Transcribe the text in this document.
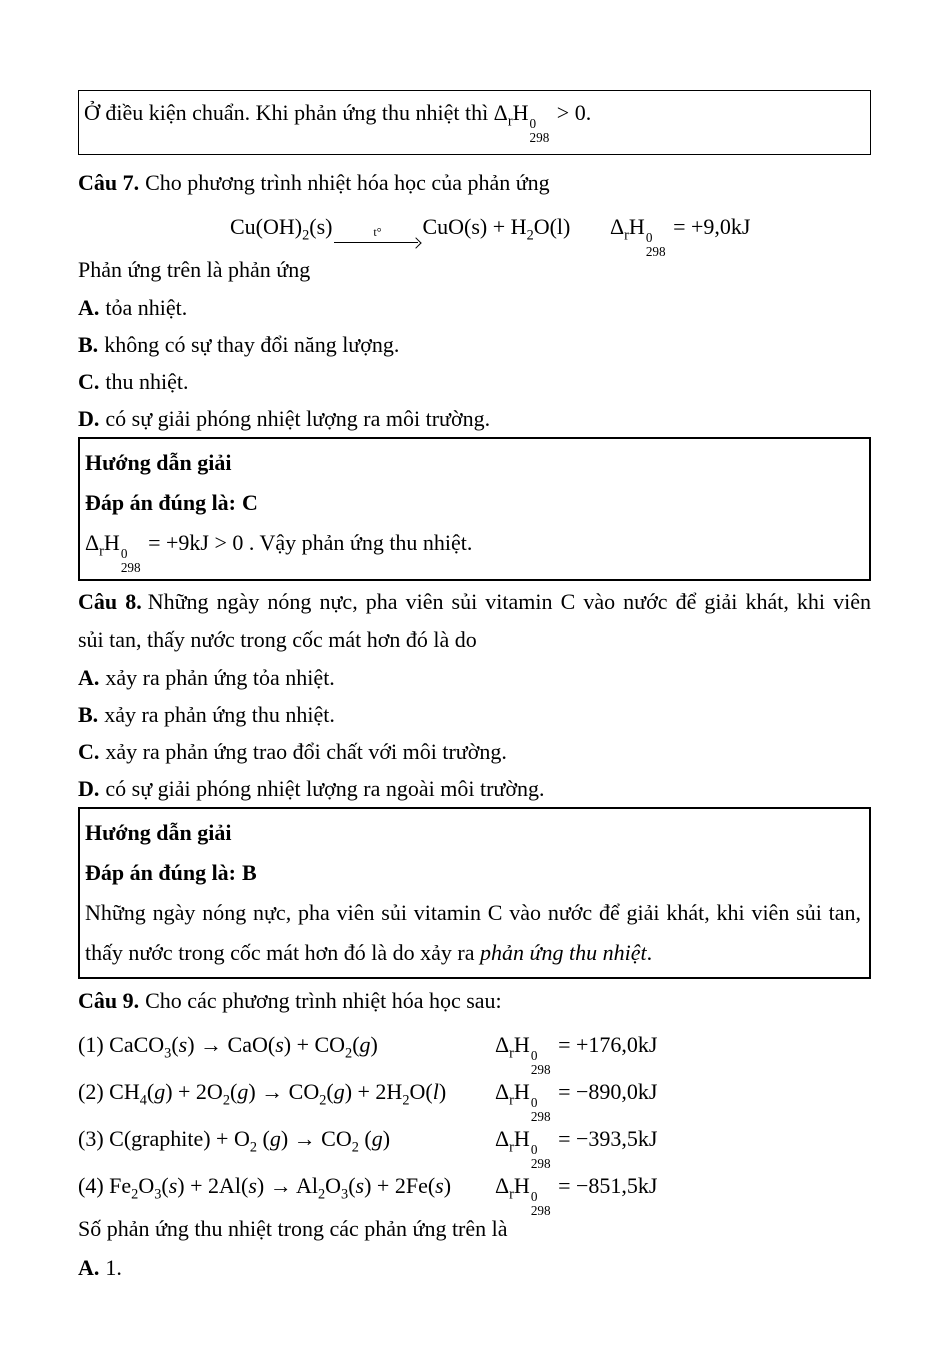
Ở điều kiện chuẩn. Khi phản ứng thu nhiệt thì $\Delta_rH$ 0
298
> 0.

Câu 7. Cho phương trình nhiệt hóa học của phản ứng

$Cu(OH)_2(s)$	t° $CuO(s) + H_2O(l)$ $\Delta_rH$ 0
298
= +9,0kJ

Phản ứng trên là phản ứng

A. tỏa nhiệt.

B. không có sự thay đổi năng lượng.

C. thu nhiệt.

D. có sự giải phóng nhiệt lượng ra môi trường.

Hướng dẫn giải

Đáp án đúng là: C

$\Delta_rH$ 0
298
= +9kJ > 0 . Vậy phản ứng thu nhiệt.

Câu 8. Những ngày nóng nực, pha viên sủi vitamin C vào nước để giải khát, khi viên
sủi tan, thấy nước trong cốc mát hơn đó là do

A. xảy ra phản ứng tỏa nhiệt.

B. xảy ra phản ứng thu nhiệt.

C. xảy ra phản ứng trao đổi chất với môi trường.

D. có sự giải phóng nhiệt lượng ra ngoài môi trường.

Hướng dẫn giải

Đáp án đúng là: B

Những ngày nóng nực, pha viên sủi vitamin C vào nước để giải khát, khi viên sủi tan,
thấy nước trong cốc mát hơn đó là do xảy ra phản ứng thu nhiệt.

Câu 9. Cho các phương trình nhiệt hóa học sau:

(1) CaCO$_3$(s) → $CaO(s) + CO_2(g)$	$\Delta_rH$ 0
298
= +176,0kJ
(2) $CH_4(g) + 2O_2(g) \to CO_2(g) + 2H_2O(l)$ $\Delta_rH$ 0
298
= −890,0kJ
(3) C(graphite) + $O_2$ $(g) \to CO_2$ (g)	$\Delta_rH$ 0
298
= −393,5kJ
(4) $Fe_2O_3(s) + 2Al(s) \to Al_2O_3(s) + 2Fe(s)$ $\Delta_rH$ 0
298
= −851,5kJ

Số phản ứng thu nhiệt trong các phản ứng trên là

A. 1.
